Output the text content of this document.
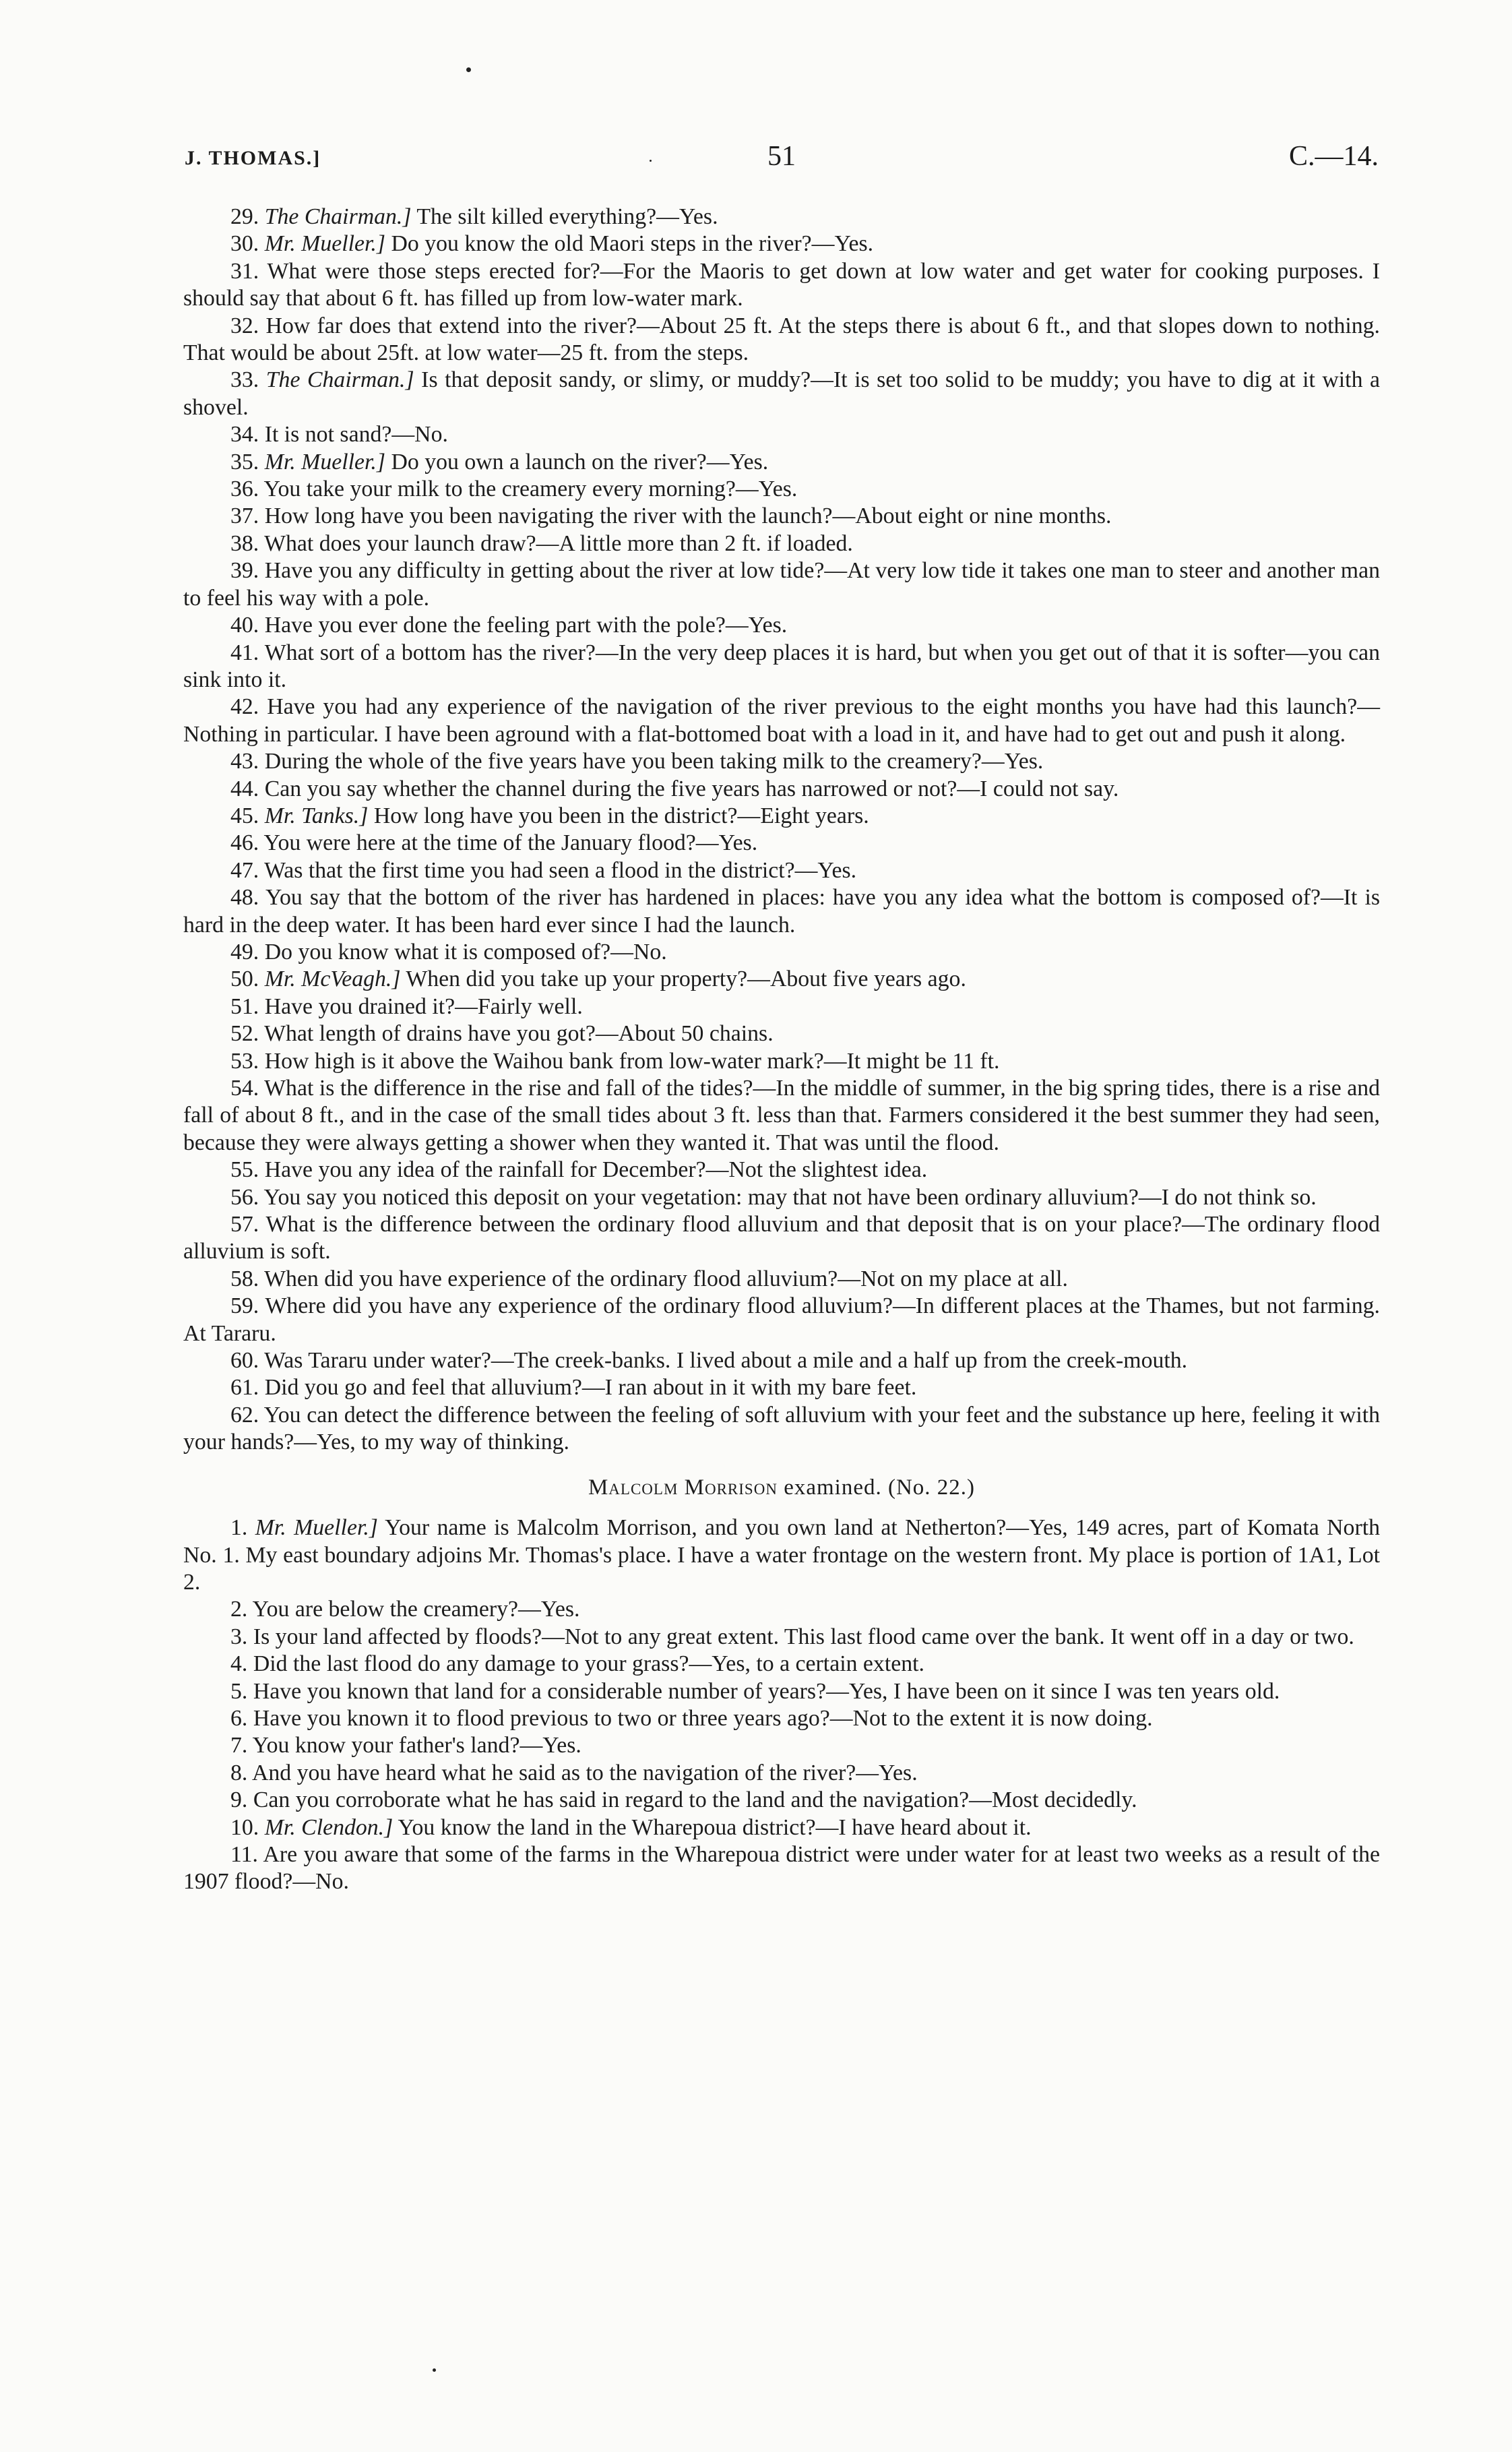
J. THOMAS.]	51	C.—14.

29. The Chairman.] The silt killed everything?—Yes.

30. Mr. Mueller.] Do you know the old Maori steps in the river?—Yes.

31. What were those steps erected for?—For the Maoris to get down at low water and get water for cooking purposes. I should say that about 6 ft. has filled up from low-water mark.

32. How far does that extend into the river?—About 25 ft. At the steps there is about 6 ft., and that slopes down to nothing. That would be about 25ft. at low water—25 ft. from the steps.

33. The Chairman.] Is that deposit sandy, or slimy, or muddy?—It is set too solid to be muddy; you have to dig at it with a shovel.

34. It is not sand?—No.

35. Mr. Mueller.] Do you own a launch on the river?—Yes.

36. You take your milk to the creamery every morning?—Yes.

37. How long have you been navigating the river with the launch?—About eight or nine months.

38. What does your launch draw?—A little more than 2 ft. if loaded.

39. Have you any difficulty in getting about the river at low tide?—At very low tide it takes one man to steer and another man to feel his way with a pole.

40. Have you ever done the feeling part with the pole?—Yes.

41. What sort of a bottom has the river?—In the very deep places it is hard, but when you get out of that it is softer—you can sink into it.

42. Have you had any experience of the navigation of the river previous to the eight months you have had this launch?—Nothing in particular. I have been aground with a flat-bottomed boat with a load in it, and have had to get out and push it along.

43. During the whole of the five years have you been taking milk to the creamery?—Yes.

44. Can you say whether the channel during the five years has narrowed or not?—I could not say.

45. Mr. Tanks.] How long have you been in the district?—Eight years.

46. You were here at the time of the January flood?—Yes.

47. Was that the first time you had seen a flood in the district?—Yes.

48. You say that the bottom of the river has hardened in places: have you any idea what the bottom is composed of?—It is hard in the deep water. It has been hard ever since I had the launch.

49. Do you know what it is composed of?—No.

50. Mr. McVeagh.] When did you take up your property?—About five years ago.

51. Have you drained it?—Fairly well.

52. What length of drains have you got?—About 50 chains.

53. How high is it above the Waihou bank from low-water mark?—It might be 11 ft.

54. What is the difference in the rise and fall of the tides?—In the middle of summer, in the big spring tides, there is a rise and fall of about 8 ft., and in the case of the small tides about 3 ft. less than that. Farmers considered it the best summer they had seen, because they were always getting a shower when they wanted it. That was until the flood.

55. Have you any idea of the rainfall for December?—Not the slightest idea.

56. You say you noticed this deposit on your vegetation: may that not have been ordinary alluvium?—I do not think so.

57. What is the difference between the ordinary flood alluvium and that deposit that is on your place?—The ordinary flood alluvium is soft.

58. When did you have experience of the ordinary flood alluvium?—Not on my place at all.

59. Where did you have any experience of the ordinary flood alluvium?—In different places at the Thames, but not farming. At Tararu.

60. Was Tararu under water?—The creek-banks. I lived about a mile and a half up from the creek-mouth.

61. Did you go and feel that alluvium?—I ran about in it with my bare feet.

62. You can detect the difference between the feeling of soft alluvium with your feet and the substance up here, feeling it with your hands?—Yes, to my way of thinking.

Malcolm Morrison examined. (No. 22.)

1. Mr. Mueller.] Your name is Malcolm Morrison, and you own land at Netherton?—Yes, 149 acres, part of Komata North No. 1. My east boundary adjoins Mr. Thomas's place. I have a water frontage on the western front. My place is portion of 1A1, Lot 2.

2. You are below the creamery?—Yes.

3. Is your land affected by floods?—Not to any great extent. This last flood came over the bank. It went off in a day or two.

4. Did the last flood do any damage to your grass?—Yes, to a certain extent.

5. Have you known that land for a considerable number of years?—Yes, I have been on it since I was ten years old.

6. Have you known it to flood previous to two or three years ago?—Not to the extent it is now doing.

7. You know your father's land?—Yes.

8. And you have heard what he said as to the navigation of the river?—Yes.

9. Can you corroborate what he has said in regard to the land and the navigation?—Most decidedly.

10. Mr. Clendon.] You know the land in the Wharepoua district?—I have heard about it.

11. Are you aware that some of the farms in the Wharepoua district were under water for at least two weeks as a result of the 1907 flood?—No.
